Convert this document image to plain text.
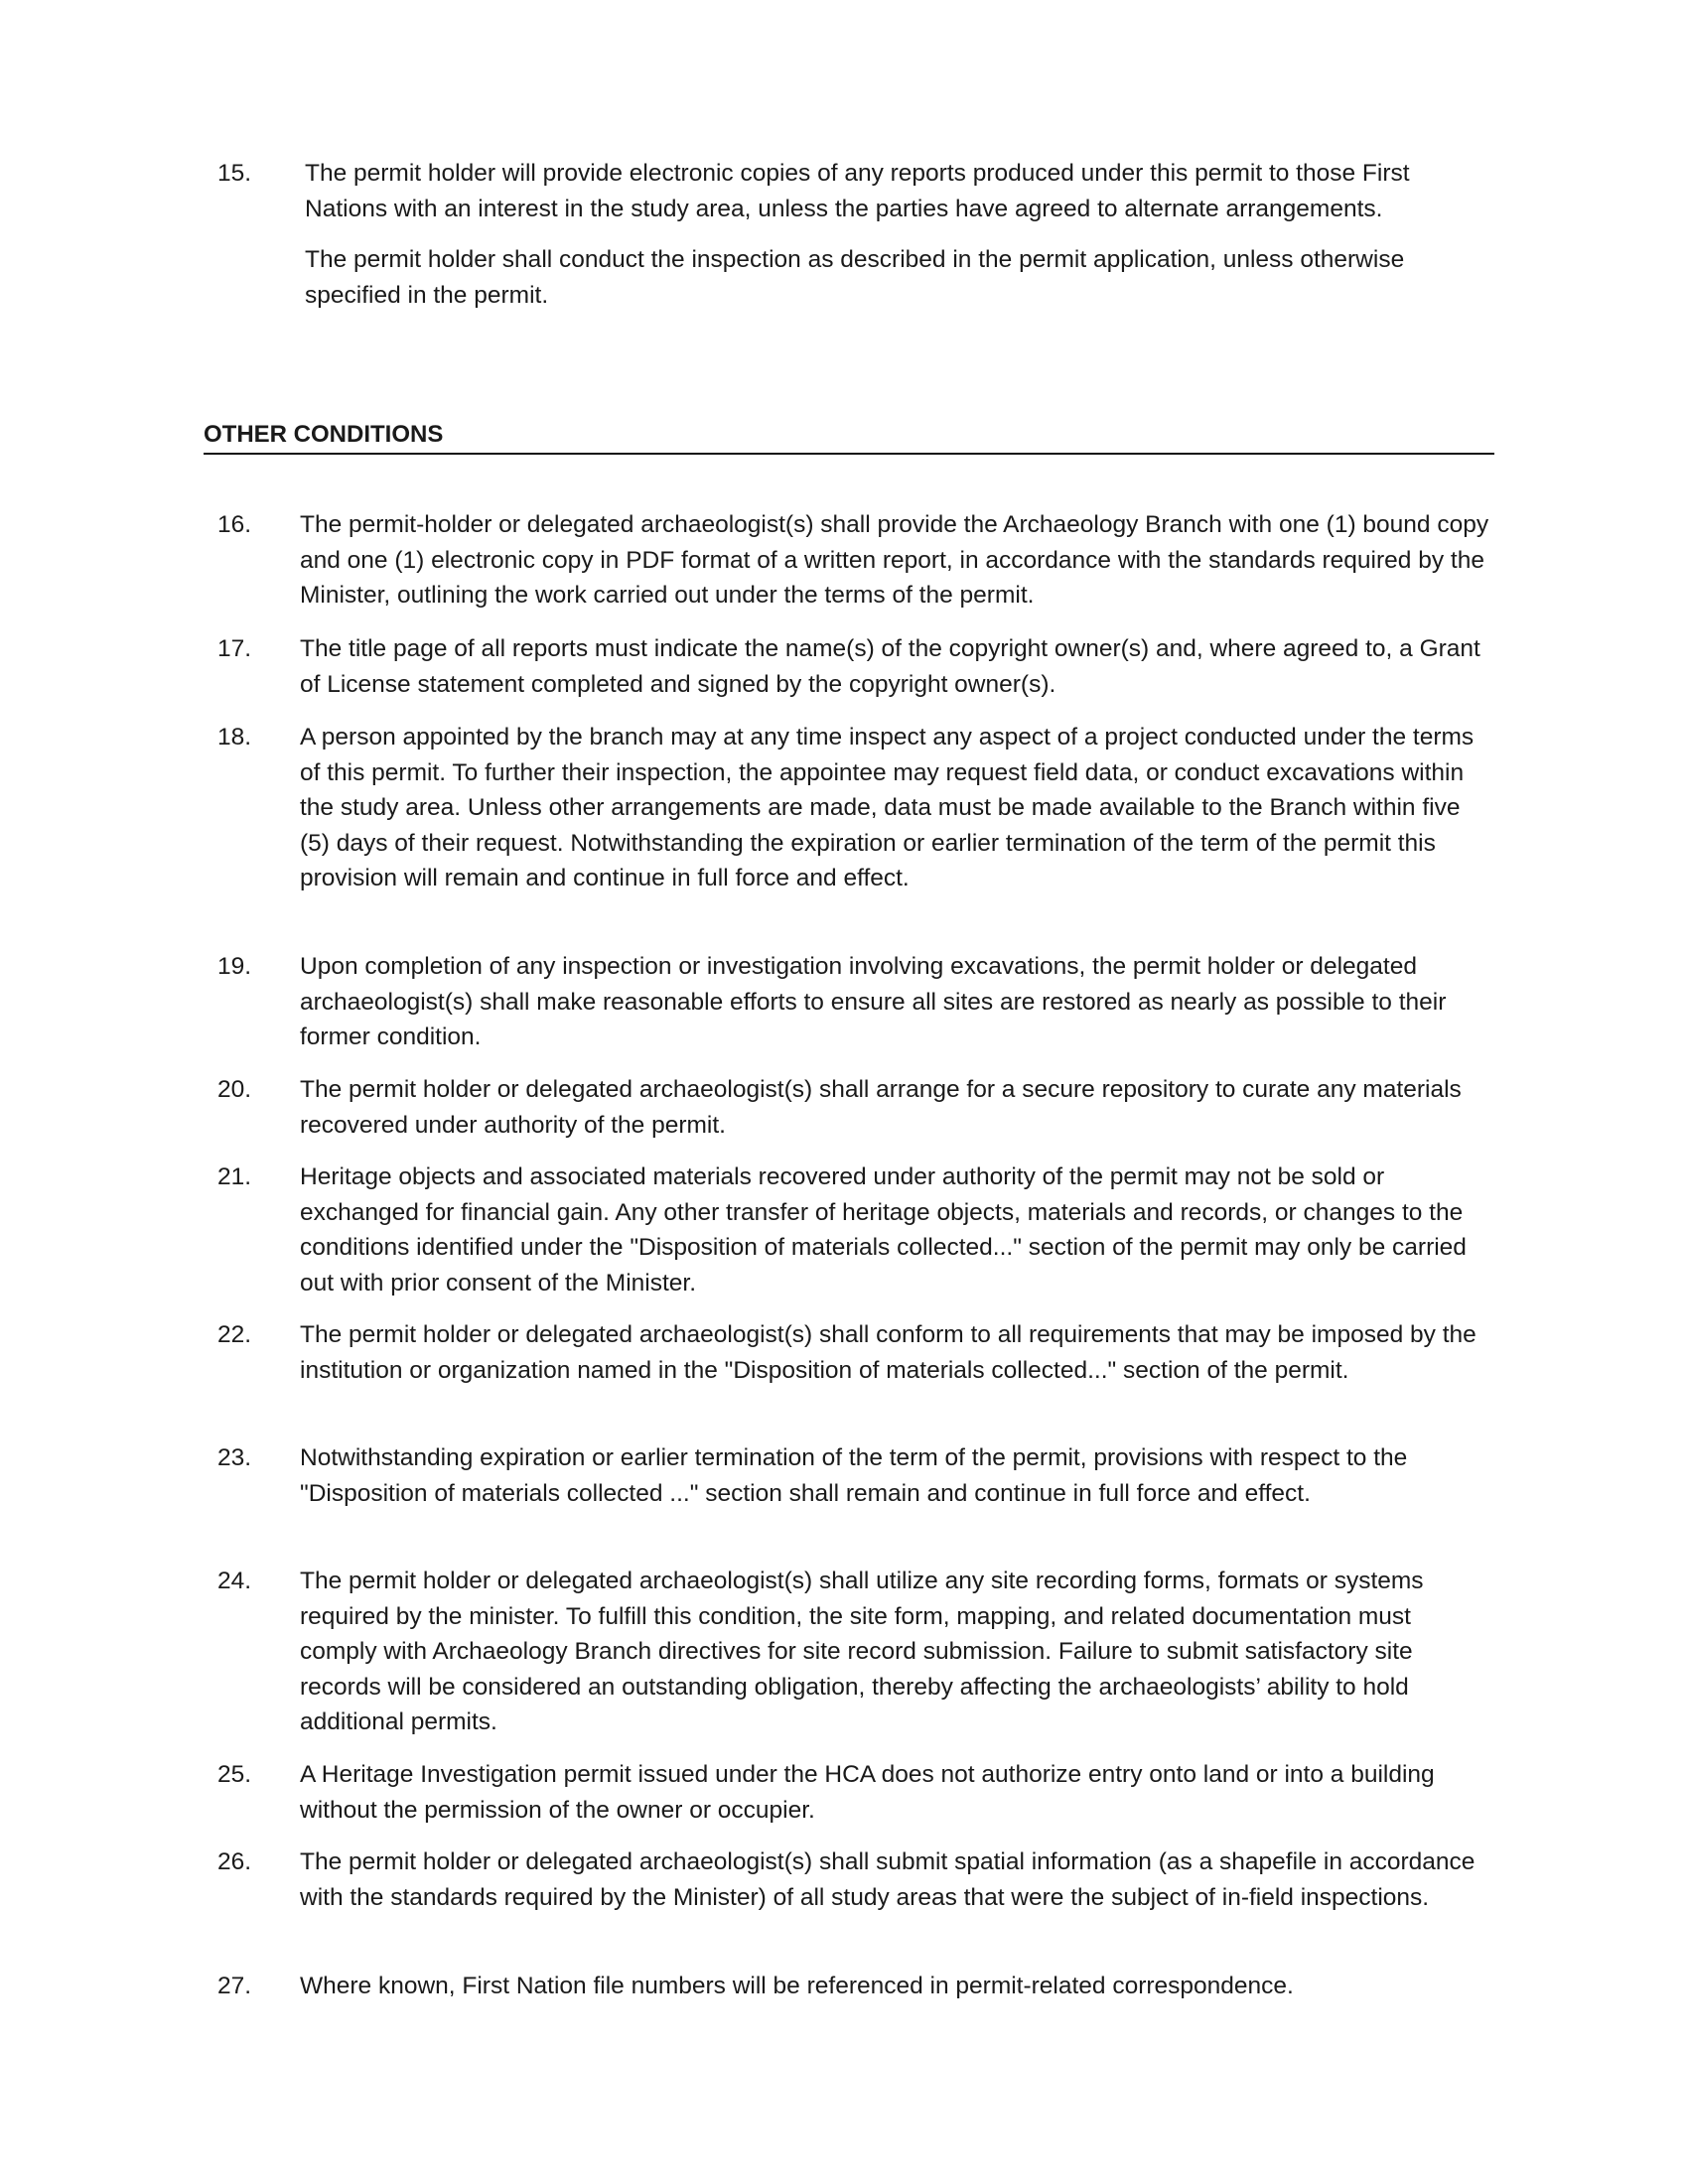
15. The permit holder will provide electronic copies of any reports produced under this permit to those First Nations with an interest in the study area, unless the parties have agreed to alternate arrangements.

The permit holder shall conduct the inspection as described in the permit application, unless otherwise specified in the permit.

OTHER CONDITIONS
16. The permit-holder or delegated archaeologist(s) shall provide the Archaeology Branch with one (1) bound copy and one (1) electronic copy in PDF format of a written report, in accordance with the standards required by the Minister, outlining the work carried out under the terms of the permit.

17. The title page of all reports must indicate the name(s) of the copyright owner(s) and, where agreed to, a Grant of License statement completed and signed by the copyright owner(s).

18. A person appointed by the branch may at any time inspect any aspect of a project conducted under the terms of this permit. To further their inspection, the appointee may request field data, or conduct excavations within the study area. Unless other arrangements are made, data must be made available to the Branch within five (5) days of their request. Notwithstanding the expiration or earlier termination of the term of the permit this provision will remain and continue in full force and effect.

19. Upon completion of any inspection or investigation involving excavations, the permit holder or delegated archaeologist(s) shall make reasonable efforts to ensure all sites are restored as nearly as possible to their former condition.

20. The permit holder or delegated archaeologist(s) shall arrange for a secure repository to curate any materials recovered under authority of the permit.

21. Heritage objects and associated materials recovered under authority of the permit may not be sold or exchanged for financial gain. Any other transfer of heritage objects, materials and records, or changes to the conditions identified under the "Disposition of materials collected..." section of the permit may only be carried out with prior consent of the Minister.

22. The permit holder or delegated archaeologist(s) shall conform to all requirements that may be imposed by the institution or organization named in the "Disposition of materials collected..." section of the permit.

23. Notwithstanding expiration or earlier termination of the term of the permit, provisions with respect to the "Disposition of materials collected ..." section shall remain and continue in full force and effect.

24. The permit holder or delegated archaeologist(s) shall utilize any site recording forms, formats or systems required by the minister. To fulfill this condition, the site form, mapping, and related documentation must comply with Archaeology Branch directives for site record submission. Failure to submit satisfactory site records will be considered an outstanding obligation, thereby affecting the archaeologists’ ability to hold additional permits.

25. A Heritage Investigation permit issued under the HCA does not authorize entry onto land or into a building without the permission of the owner or occupier.

26. The permit holder or delegated archaeologist(s) shall submit spatial information (as a shapefile in accordance with the standards required by the Minister) of all study areas that were the subject of in-field inspections.

27. Where known, First Nation file numbers will be referenced in permit-related correspondence.
